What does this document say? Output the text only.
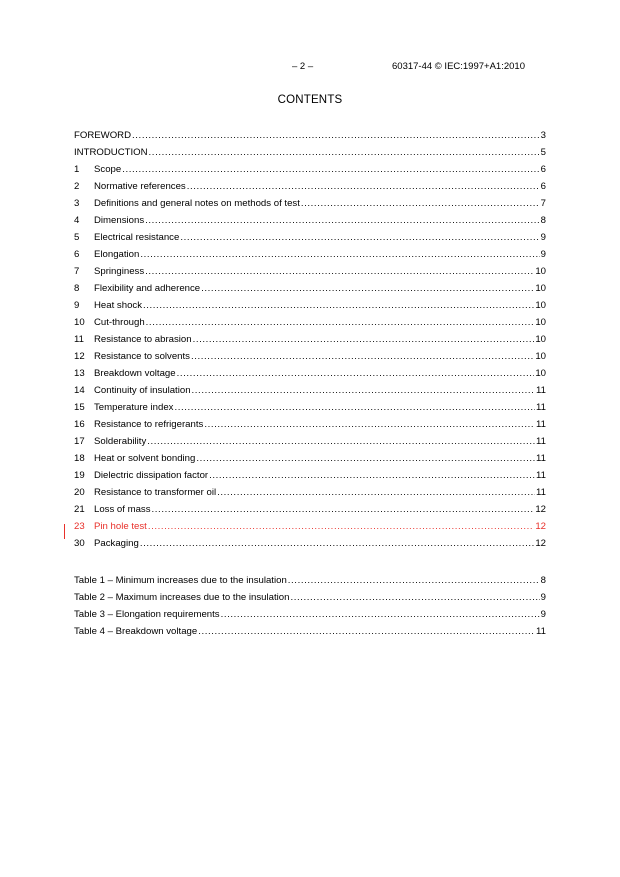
– 2 –	60317-44 © IEC:1997+A1:2010
CONTENTS
FOREWORD .....	3
INTRODUCTION .....	5
1	Scope .....	6
2	Normative references .....	6
3	Definitions and general notes on methods of test .....	7
4	Dimensions .....	8
5	Electrical resistance .....	9
6	Elongation .....	9
7	Springiness .....	10
8	Flexibility and adherence .....	10
9	Heat shock .....	10
10 Cut-through .....	10
11	Resistance to abrasion .....	10
12 Resistance to solvents .....	10
13 Breakdown voltage .....	10
14 Continuity of insulation .....	11
15 Temperature index .....	11
16 Resistance to refrigerants .....	11
17 Solderability .....	11
18 Heat or solvent bonding .....	11
19 Dielectric dissipation factor .....	11
20 Resistance to transformer oil .....	11
21 Loss of mass .....	12
23 Pin hole test .....	12
30 Packaging .....	12
Table 1 – Minimum increases due to the insulation .....	8
Table 2 – Maximum increases due to the insulation .....	9
Table 3 – Elongation requirements .....	9
Table 4 – Breakdown voltage .....	11
